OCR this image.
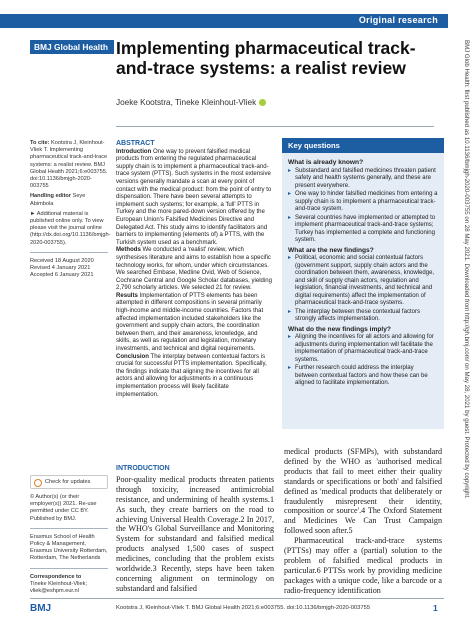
Original research
BMJ Global Health Implementing pharmaceutical track-and-trace systems: a realist review
Joeke Kootstra, Tineke Kleinhout-Vliek

To cite: Kootstra J, Kleinhout-Vliek T. Implementing pharmaceutical track-and-trace systems: a realist review. BMJ Global Health 2021;6:e003755. doi:10.1136/bmjgh-2020-003755

Handling editor Seye Abimbola

► Additional material is published online only. To view please visit the journal online (http://dx.doi.org/10.1136/bmjgh-2020-003755).

Received 18 August 2020

Revised 4 January 2021

Accepted 6 January 2021

ABSTRACT

Introduction One way to prevent falsified medical products from entering the regulated pharmaceutical supply chain is to implement a pharmaceutical track-and-trace system (PTTS). Such systems in the most extensive versions generally mandate a scan at every point of contact with the medical product: from the point of entry to dispensation. There have been several attempts to implement such systems; for example, a 'full' PTTS in Turkey and the more pared-down version offered by the European Union's Falsified Medicines Directive and Delegated Act. This study aims to identify facilitators and barriers to implementing (elements of) a PTTS, with the Turkish system used as a benchmark.

Methods We conducted a 'realist' review, which synthesises literature and aims to establish how a specific technology works, for whom, under which circumstances. We searched Embase, Medline Ovid, Web of Science, Cochrane Central and Google Scholar databases, yielding 2,790 scholarly articles. We selected 21 for review.

Results Implementation of PTTS elements has been attempted in different compositions in several primarily high-income and middle-income countries. Factors that affected implementation included stakeholders like the government and supply chain actors, the coordination between them, and their awareness, knowledge, and skills, as well as regulation and legislation, monetary investments, and technical and digital requirements.

Conclusion The interplay between contextual factors is crucial for successful PTTS implementation. Specifically, the findings indicate that aligning the incentives for all actors and allowing for adjustments in a continuous implementation process will likely facilitate implementation.

Key questions
What is already known?
▸ Substandard and falsified medicines threaten patient safety and health systems generally, and these are present everywhere.
▸ One way to hinder falsified medicines from entering a supply chain is to implement a pharmaceutical track-and-trace system.
▸ Several countries have implemented or attempted to implement pharmaceutical track-and-trace systems; Turkey has implemented a complete and functioning system.
What are the new findings?
▸ Political, economic and social contextual factors (government support, supply chain actors and the coordination between them, awareness, knowledge, and skill of supply chain actors, regulation and legislation, financial investments, and technical and digital requirements) affect the implementation of pharmaceutical track-and-trace systems.
▸ The interplay between these contextual factors strongly affects implementation.
What do the new findings imply?
▸ Aligning the incentives for all actors and allowing for adjustments during implementation will facilitate the implementation of pharmaceutical track-and-trace systems.
▸ Further research could address the interplay between contextual factors and how these can be aligned to facilitate implementation.
Check for updates

© Author(s) (or their employer(s)) 2021. Re-use permitted under CC BY. Published by BMJ.

Erasmus School of Health Policy & Management, Erasmus University Rotterdam, Rotterdam, The Netherlands

Correspondence to
Tineke Kleinhout-Vliek;
vliek@eshpm.eur.nl

INTRODUCTION

Poor-quality medical products threaten patients through toxicity, increased antimicrobial resistance, and undermining of health systems.1 As such, they create barriers on the road to achieving Universal Health Coverage.2 In 2017, the WHO's Global Surveillance and Monitoring System for substandard and falsified medical products analysed 1,500 cases of suspect medicines, concluding that the problem exists worldwide.3 Recently, steps have been taken concerning alignment on terminology on substandard and falsified

medical products (SFMPs), with substandard defined by the WHO as 'authorised medical products that fail to meet either their quality standards or specifications or both' and falsified defined as 'medical products that deliberately or fraudulently misrepresent their identity, composition or source'.4 The Oxford Statement and Medicines We Can Trust Campaign followed soon after.5

Pharmaceutical track-and-trace systems (PTTSs) may offer a (partial) solution to the problem of falsified medical products in particular.6 PTTSs work by providing medicine packages with a unique code, like a barcode or a radio-frequency identification

BMJ	Kootstra J, Kleinhout-Vliek T. BMJ Global Health 2021;6:e003755. doi:10.1136/bmjgh-2020-003755	1
BMJ Glob Health: first published as 10.1136/bmjgh-2020-003755 on 28 May 2021. Downloaded from http://gh.bmj.com/ on May 28, 2021 by guest. Protected by copyright.
